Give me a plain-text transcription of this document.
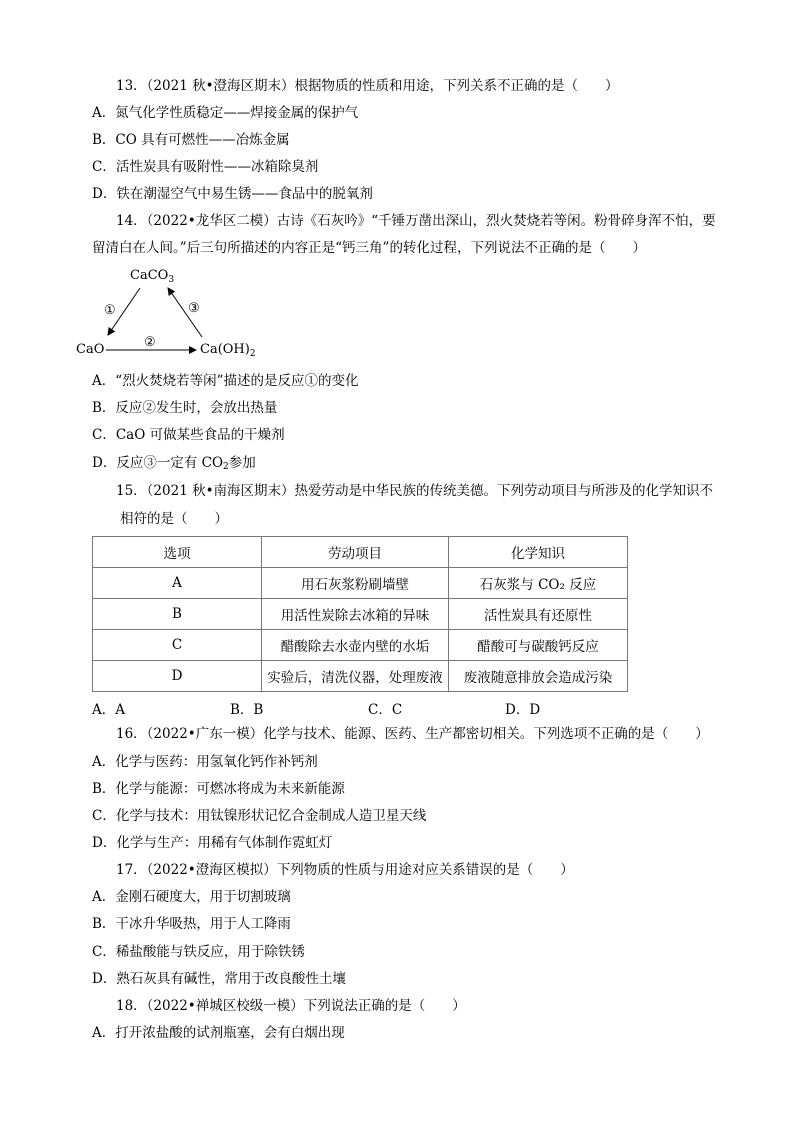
13．（2021 秋•澄海区期末）根据物质的性质和用途，下列关系不正确的是（　　）
A．氮气化学性质稳定——焊接金属的保护气
B．CO 具有可燃性——冶炼金属
C．活性炭具有吸附性——冰箱除臭剂
D．铁在潮湿空气中易生锈——食品中的脱氧剂
14．（2022•龙华区二模）古诗《石灰吟》“千锤万凿出深山，烈火焚烧若等闲。粉骨碎身浑不怕，要
留清白在人间。”后三句所描述的内容正是“钙三角”的转化过程，下列说法不正确的是（　　）
CaCO$_3$
CaO	$Ca(OH)_2$
①
②
③
A．“烈火焚烧若等闲”描述的是反应①的变化
B．反应②发生时，会放出热量
C．CaO 可做某些食品的干燥剂
D．反应③一定有 $CO_2$参加
15．（2021 秋•南海区期末）热爱劳动是中华民族的传统美德。下列劳动项目与所涉及的化学知识不
相符的是（　　）
选项	劳动项目	化学知识
A	用石灰浆粉刷墙壁	石灰浆与 CO₂ 反应
B	用活性炭除去冰箱的异味	活性炭具有还原性
C	醋酸除去水壶内壁的水垢	醋酸可与碳酸钙反应
D	实验后，清洗仪器，处理废液	废液随意排放会造成污染
A．A	B．B	C．C	D．D
16．（2022•广东一模）化学与技术、能源、医药、生产都密切相关。下列选项不正确的是（　　）
A．化学与医药：用氢氧化钙作补钙剂
B．化学与能源：可燃冰将成为未来新能源
C．化学与技术：用钛镍形状记忆合金制成人造卫星天线
D．化学与生产：用稀有气体制作霓虹灯
17．（2022•澄海区模拟）下列物质的性质与用途对应关系错误的是（　　）
A．金刚石硬度大，用于切割玻璃
B．干冰升华吸热，用于人工降雨
C．稀盐酸能与铁反应，用于除铁锈
D．熟石灰具有碱性，常用于改良酸性土壤
18．（2022•禅城区校级一模）下列说法正确的是（　　）
A．打开浓盐酸的试剂瓶塞，会有白烟出现
